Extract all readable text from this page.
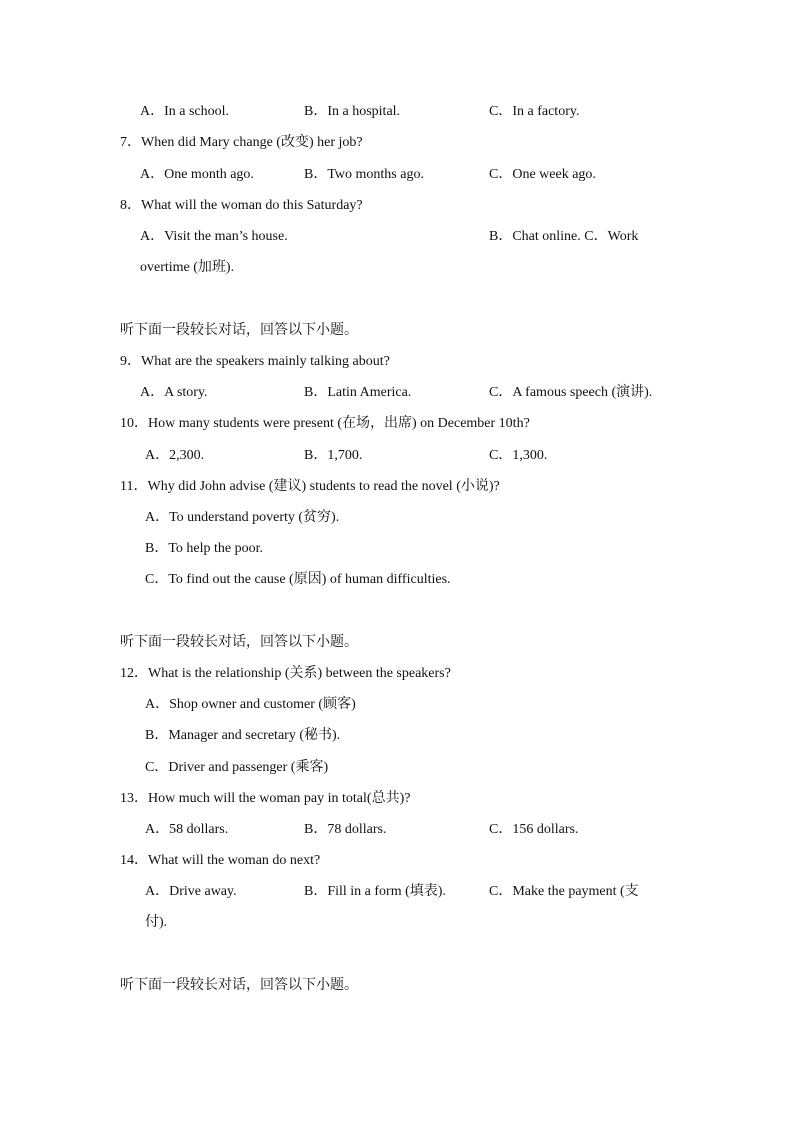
A．In a school.	B．In a hospital.	C．In a factory.
7．When did Mary change (改变) her job?
A．One month ago.	B．Two months ago.	C．One week ago.
8．What will the woman do this Saturday?
A．Visit the man’s house.	B．Chat online. C．Work
overtime (加班).
听下面一段较长对话，回答以下小题。
9．What are the speakers mainly talking about?
A．A story.	B．Latin America.	C．A famous speech (演讲).
10．How many students were present (在场，出席) on December 10th?
A．2,300.	B．1,700.	C．1,300.
11．Why did John advise (建议) students to read the novel (小说)?
A．To understand poverty (贫穷).
B．To help the poor.
C．To find out the cause (原因) of human difficulties.
听下面一段较长对话，回答以下小题。
12．What is the relationship (关系) between the speakers?
A．Shop owner and customer (顾客)
B．Manager and secretary (秘书).
C．Driver and passenger (乘客)
13．How much will the woman pay in total(总共)?
A．58 dollars.	B．78 dollars.	C．156 dollars.
14．What will the woman do next?
A．Drive away.	B．Fill in a form (填表).	C．Make the payment (支
付).
听下面一段较长对话，回答以下小题。
